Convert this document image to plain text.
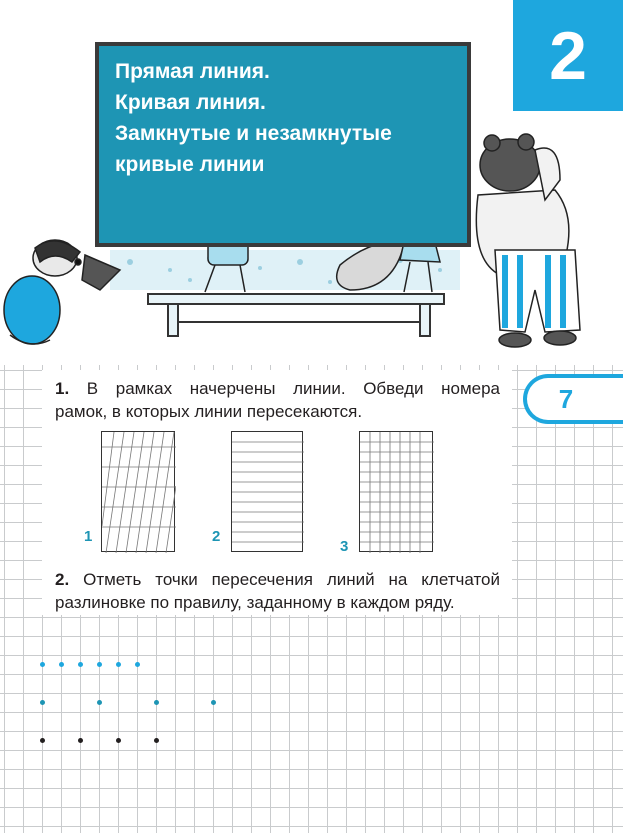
Прямая линия.
Кривая линия.
Замкнутые и незамкнутые
кривые линии
2
7
1. В рамках начерчены линии. Обведи номера
рамок, в которых линии пересекаются.
1	2
3
2. Отметь точки пересечения линий на клетчатой
разлиновке по правилу, заданному в каждом ряду.
